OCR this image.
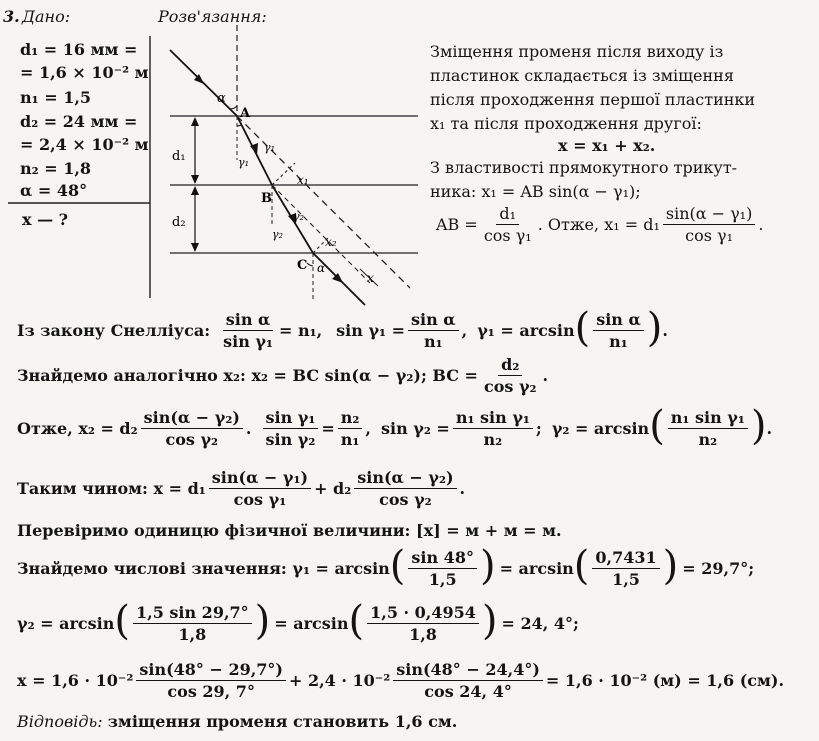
3. Дано:	Розв'язання:
d₁ = 16 мм =
= 1,6 × 10⁻² м
n₁ = 1,5
d₂ = 24 мм =
= 2,4 × 10⁻² м
n₂ = 1,8
α = 48°
x — ?
α
A
B
C
d₁
d₂
γ₁
γ₁
γ₂
γ₂
x₁
x₂
α
x
Зміщення променя після виходу із
пластинок складається із зміщення
після проходження першої пластинки
x₁ та після проходження другої:
x = x₁ + x₂.
З властивості прямокутного трикут-
ника: x₁ = AB sin(α − γ₁);
AB = $\frac{\text{d₁}}{\text{cos γ₁}}$ . Отже, $x_1 = d_1 \frac{\text{sin(α − γ₁)}}{\text{cos γ₁}}$ .
Із закону Снелліуса: $\frac{\text{sin α}}{\text{sin γ₁}} = n_1$, $\sin \gamma_1 = \frac{\text{sin α}}{\text{n₁}}$ , γ₁ = arcsin ( $\frac{\text{sin α}}{\text{n₁}}$ ) .
Знайдемо аналогічно x₂: x₂ = BC sin(α − γ₂); BC = $\frac{\text{d₂}}{\text{cos γ₂}}$ .
Отже, $x_2 = d_2 \frac{\text{sin(α − γ₂)}}{\text{cos γ₂}}$ . $\frac{\text{sin γ₁}}{\text{sin γ₂}} = \frac{\text{n₂}}{\text{n₁}}$ , $\sin \gamma_2 = \frac{\text{n₁ sin γ₁}}{\text{n₂}}$ ; γ₂ = arcsin ( $\frac{\text{n₁ sin γ₁}}{\text{n₂}}$ ) .
Таким чином: $x = d_1 \frac{\text{sin(α − γ₁)}}{\text{cos γ₁}} + d_2 \frac{\text{sin(α − γ₂)}}{\text{cos γ₂}}$ .
Перевіримо одиницю фізичної величини: [x] = м + м = м.
Знайдемо числові значення: γ₁ = arcsin ( $\frac{\sin 48^\circ}{1,5}$ ) = arcsin ( $\frac{0,7431}{1,5}$ ) = 29,7°;
γ₂ = arcsin ( $\frac{1,5 \sin 29,7^\circ}{1,8}$ ) = arcsin ( $\frac{1,5 \cdot 0,4954}{1,8}$ ) = 24, 4°;
$x = 1,6 \cdot 10^{-2} \frac{\sin(48^\circ - 29,7^\circ)}{\cos 29, 7^\circ} + 2,4 \cdot 10^{-2} \frac{\sin(48^\circ - 24,4^\circ)}{\cos 24, 4^\circ} = 1,6 \cdot 10^{-2}$ (м) = 1,6 (см).
Відповідь: зміщення променя становить 1,6 см.
